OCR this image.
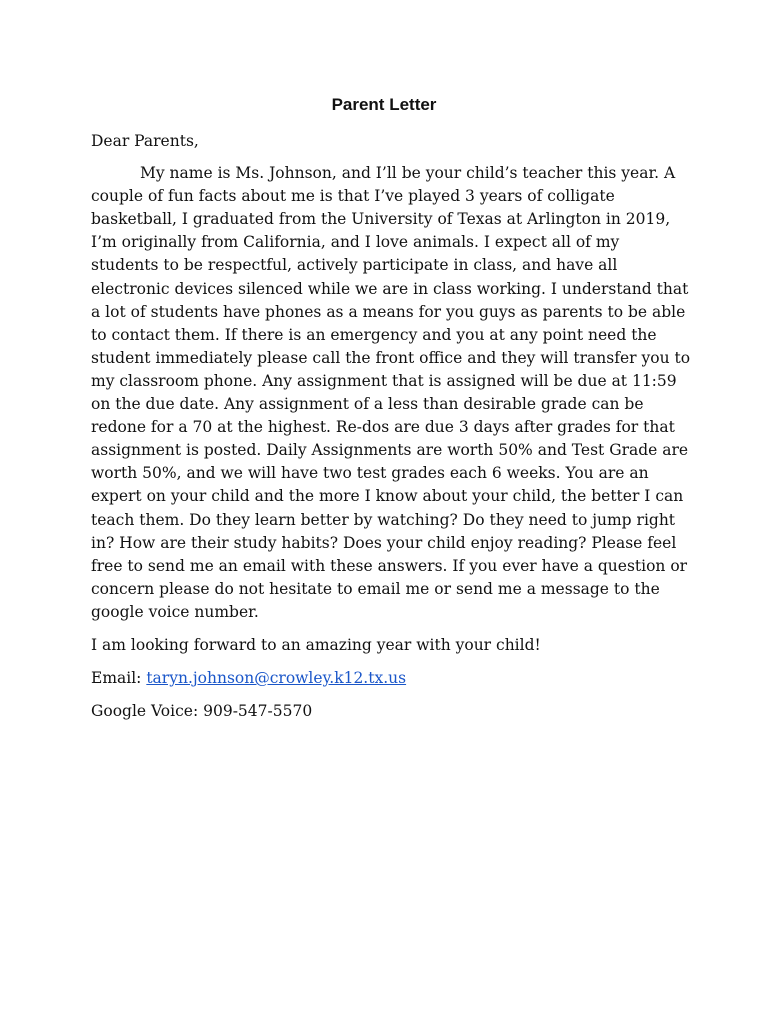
Parent Letter

Dear Parents,

My name is Ms. Johnson, and I’ll be your child’s teacher this year. A couple of fun facts about me is that I’ve played 3 years of colligate basketball, I graduated from the University of Texas at Arlington in 2019, I’m originally from California, and I love animals. I expect all of my students to be respectful, actively participate in class, and have all electronic devices silenced while we are in class working. I understand that a lot of students have phones as a means for you guys as parents to be able to contact them. If there is an emergency and you at any point need the student immediately please call the front office and they will transfer you to my classroom phone. Any assignment that is assigned will be due at 11:59 on the due date. Any assignment of a less than desirable grade can be redone for a 70 at the highest. Re-dos are due 3 days after grades for that assignment is posted. Daily Assignments are worth 50% and Test Grade are worth 50%, and we will have two test grades each 6 weeks. You are an expert on your child and the more I know about your child, the better I can teach them. Do they learn better by watching? Do they need to jump right in? How are their study habits? Does your child enjoy reading? Please feel free to send me an email with these answers. If you ever have a question or concern please do not hesitate to email me or send me a message to the google voice number.

I am looking forward to an amazing year with your child!

Email: taryn.johnson@crowley.k12.tx.us

Google Voice: 909-547-5570
